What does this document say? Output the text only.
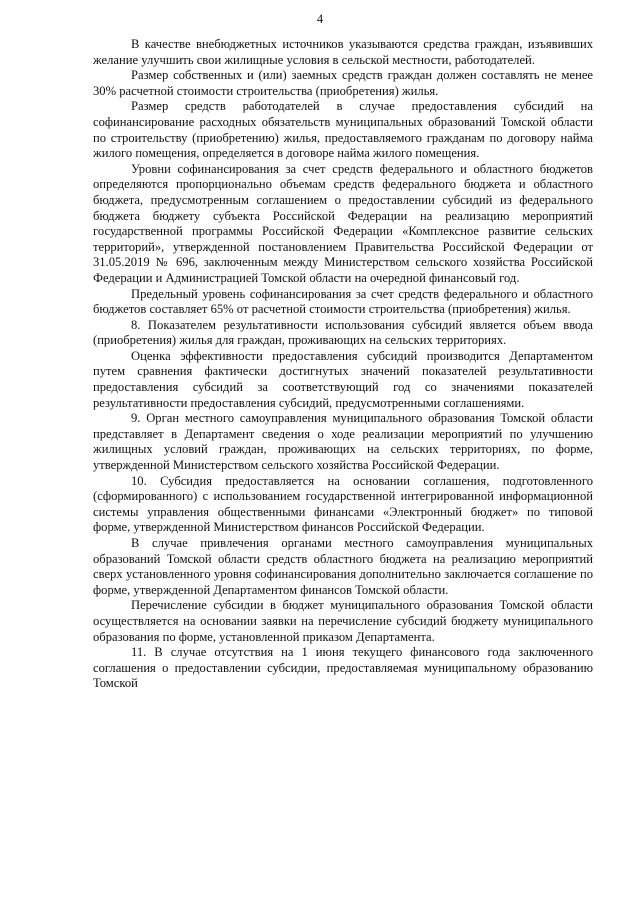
4

В качестве внебюджетных источников указываются средства граждан, изъявивших желание улучшить свои жилищные условия в сельской местности, работодателей.

Размер собственных и (или) заемных средств граждан должен составлять не менее 30% расчетной стоимости строительства (приобретения) жилья.

Размер средств работодателей в случае предоставления субсидий на софинансирование расходных обязательств муниципальных образований Томской области по строительству (приобретению) жилья, предоставляемого гражданам по договору найма жилого помещения, определяется в договоре найма жилого помещения.

Уровни софинансирования за счет средств федерального и областного бюджетов определяются пропорционально объемам средств федерального бюджета и областного бюджета, предусмотренным соглашением о предоставлении субсидий из федерального бюджета бюджету субъекта Российской Федерации на реализацию мероприятий государственной программы Российской Федерации «Комплексное развитие сельских территорий», утвержденной постановлением Правительства Российской Федерации от 31.05.2019 № 696, заключенным между Министерством сельского хозяйства Российской Федерации и Администрацией Томской области на очередной финансовый год.

Предельный уровень софинансирования за счет средств федерального и областного бюджетов составляет 65% от расчетной стоимости строительства (приобретения) жилья.

8. Показателем результативности использования субсидий является объем ввода (приобретения) жилья для граждан, проживающих на сельских территориях.

Оценка эффективности предоставления субсидий производится Департаментом путем сравнения фактически достигнутых значений показателей результативности предоставления субсидий за соответствующий год со значениями показателей результативности предоставления субсидий, предусмотренными соглашениями.

9. Орган местного самоуправления муниципального образования Томской области представляет в Департамент сведения о ходе реализации мероприятий по улучшению жилищных условий граждан, проживающих на сельских территориях, по форме, утвержденной Министерством сельского хозяйства Российской Федерации.

10. Субсидия предоставляется на основании соглашения, подготовленного (сформированного) с использованием государственной интегрированной информационной системы управления общественными финансами «Электронный бюджет» по типовой форме, утвержденной Министерством финансов Российской Федерации.

В случае привлечения органами местного самоуправления муниципальных образований Томской области средств областного бюджета на реализацию мероприятий сверх установленного уровня софинансирования дополнительно заключается соглашение по форме, утвержденной Департаментом финансов Томской области.

Перечисление субсидии в бюджет муниципального образования Томской области осуществляется на основании заявки на перечисление субсидий бюджету муниципального образования по форме, установленной приказом Департамента.

11. В случае отсутствия на 1 июня текущего финансового года заключенного соглашения о предоставлении субсидии, предоставляемая муниципальному образованию Томской
